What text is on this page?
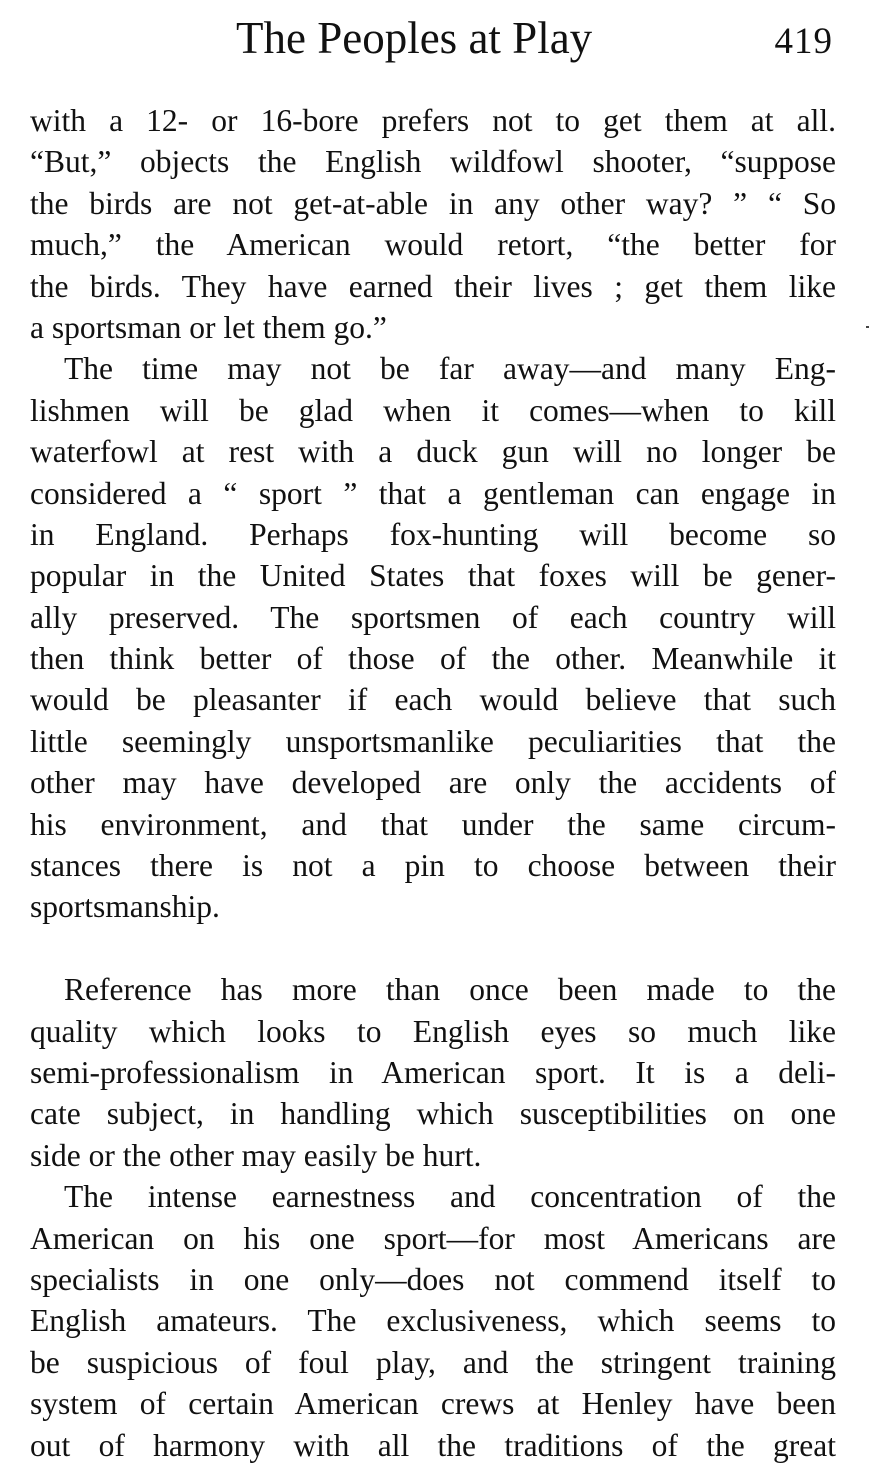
The Peoples at Play	419
with a 12- or 16-bore prefers not to get them at all.
“But,” objects the English wildfowl shooter, “suppose
the birds are not get-at-able in any other way? ” “ So
much,” the American would retort, “the better for
the birds. They have earned their lives ; get them like
a sportsman or let them go.”
The time may not be far away—and many Eng-
lishmen will be glad when it comes—when to kill
waterfowl at rest with a duck gun will no longer be
considered a “ sport ” that a gentleman can engage in
in England. Perhaps fox-hunting will become so
popular in the United States that foxes will be gener-
ally preserved. The sportsmen of each country will
then think better of those of the other. Meanwhile it
would be pleasanter if each would believe that such
little seemingly unsportsmanlike peculiarities that the
other may have developed are only the accidents of
his environment, and that under the same circum-
stances there is not a pin to choose between their
sportsmanship.
Reference has more than once been made to the
quality which looks to English eyes so much like
semi-professionalism in American sport. It is a deli-
cate subject, in handling which susceptibilities on one
side or the other may easily be hurt.
The intense earnestness and concentration of the
American on his one sport—for most Americans are
specialists in one only—does not commend itself to
English amateurs. The exclusiveness, which seems to
be suspicious of foul play, and the stringent training
system of certain American crews at Henley have been
out of harmony with all the traditions of the great
